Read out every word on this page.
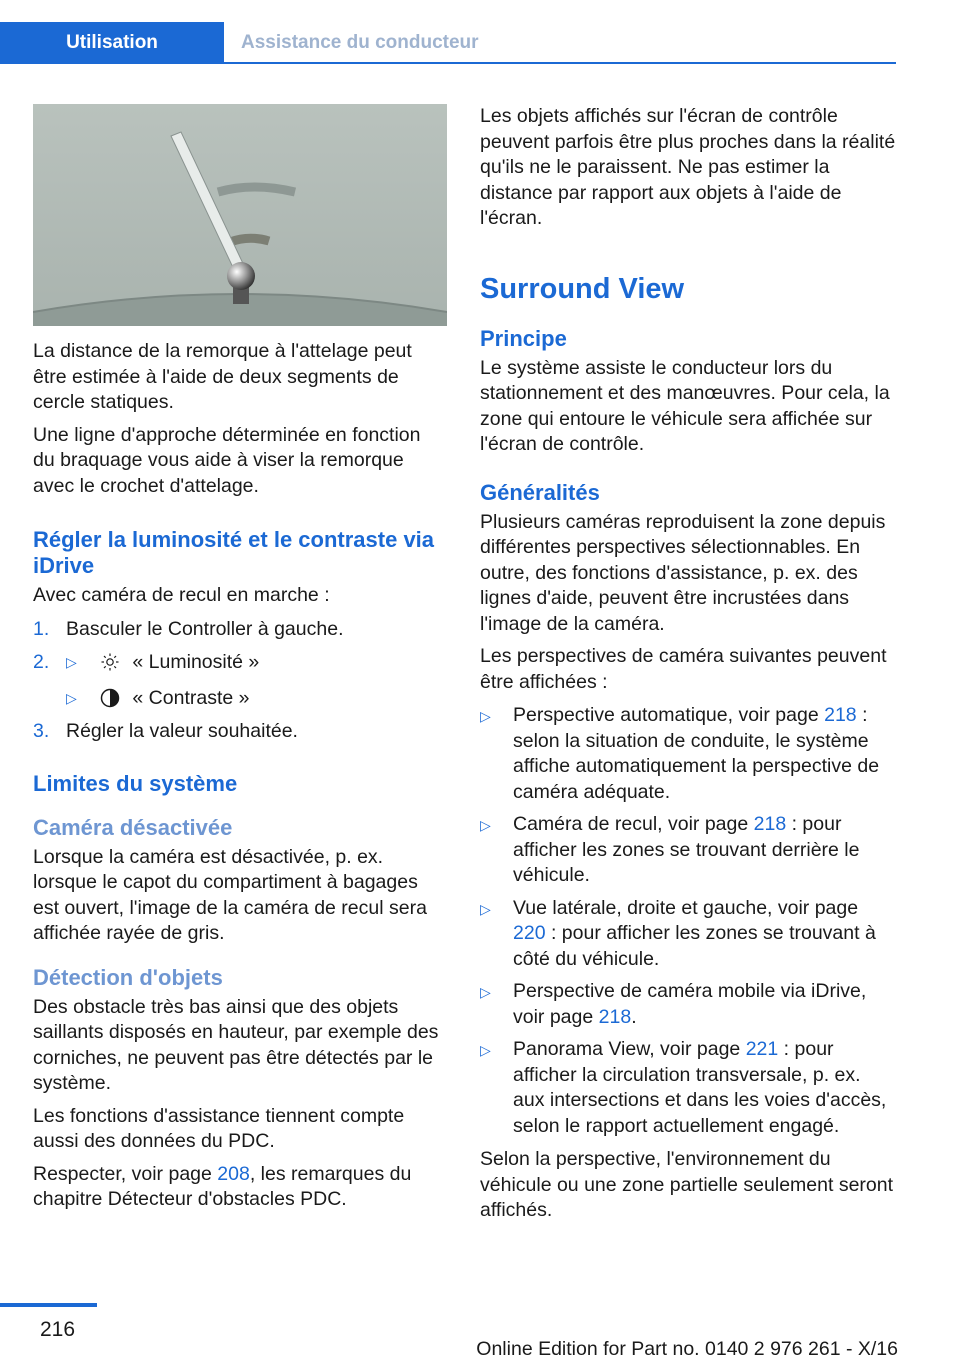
Utilisation	Assistance du conducteur

La distance de la remorque à l'attelage peut être estimée à l'aide de deux segments de cercle statiques.

Une ligne d'approche déterminée en fonction du braquage vous aide à viser la remorque avec le crochet d'attelage.

Régler la luminosité et le contraste via iDrive

Avec caméra de recul en marche :

1. Basculer le Controller à gauche.
2. ▷	« Luminosité »
▷	« Contraste »
3. Régler la valeur souhaitée.
Limites du système
Caméra désactivée

Lorsque la caméra est désactivée, p. ex. lorsque le capot du compartiment à bagages est ouvert, l'image de la caméra de recul sera affichée rayée de gris.

Détection d'objets

Des obstacle très bas ainsi que des objets saillants disposés en hauteur, par exemple des corniches, ne peuvent pas être détectés par le système.

Les fonctions d'assistance tiennent compte aussi des données du PDC.

Respecter, voir page 208, les remarques du chapitre Détecteur d'obstacles PDC.

Les objets affichés sur l'écran de contrôle peuvent parfois être plus proches dans la réalité qu'ils ne le paraissent. Ne pas estimer la distance par rapport aux objets à l'aide de l'écran.

Surround View
Principe

Le système assiste le conducteur lors du stationnement et des manœuvres. Pour cela, la zone qui entoure le véhicule sera affichée sur l'écran de contrôle.

Généralités

Plusieurs caméras reproduisent la zone depuis différentes perspectives sélectionnables. En outre, des fonctions d'assistance, p. ex. des lignes d'aide, peuvent être incrustées dans l'image de la caméra.

Les perspectives de caméra suivantes peuvent être affichées :

▷ Perspective automatique, voir page 218 : selon la situation de conduite, le système affiche automatiquement la perspective de caméra adéquate.
▷ Caméra de recul, voir page 218 : pour afficher les zones se trouvant derrière le véhicule.
▷ Vue latérale, droite et gauche, voir page 220 : pour afficher les zones se trouvant à côté du véhicule.
▷ Perspective de caméra mobile via iDrive, voir page 218.
▷ Panorama View, voir page 221 : pour afficher la circulation transversale, p. ex. aux intersections et dans les voies d'accès, selon le rapport actuellement engagé.

Selon la perspective, l'environnement du véhicule ou une zone partielle seulement seront affichés.

216
Online Edition for Part no. 0140 2 976 261 - X/16
